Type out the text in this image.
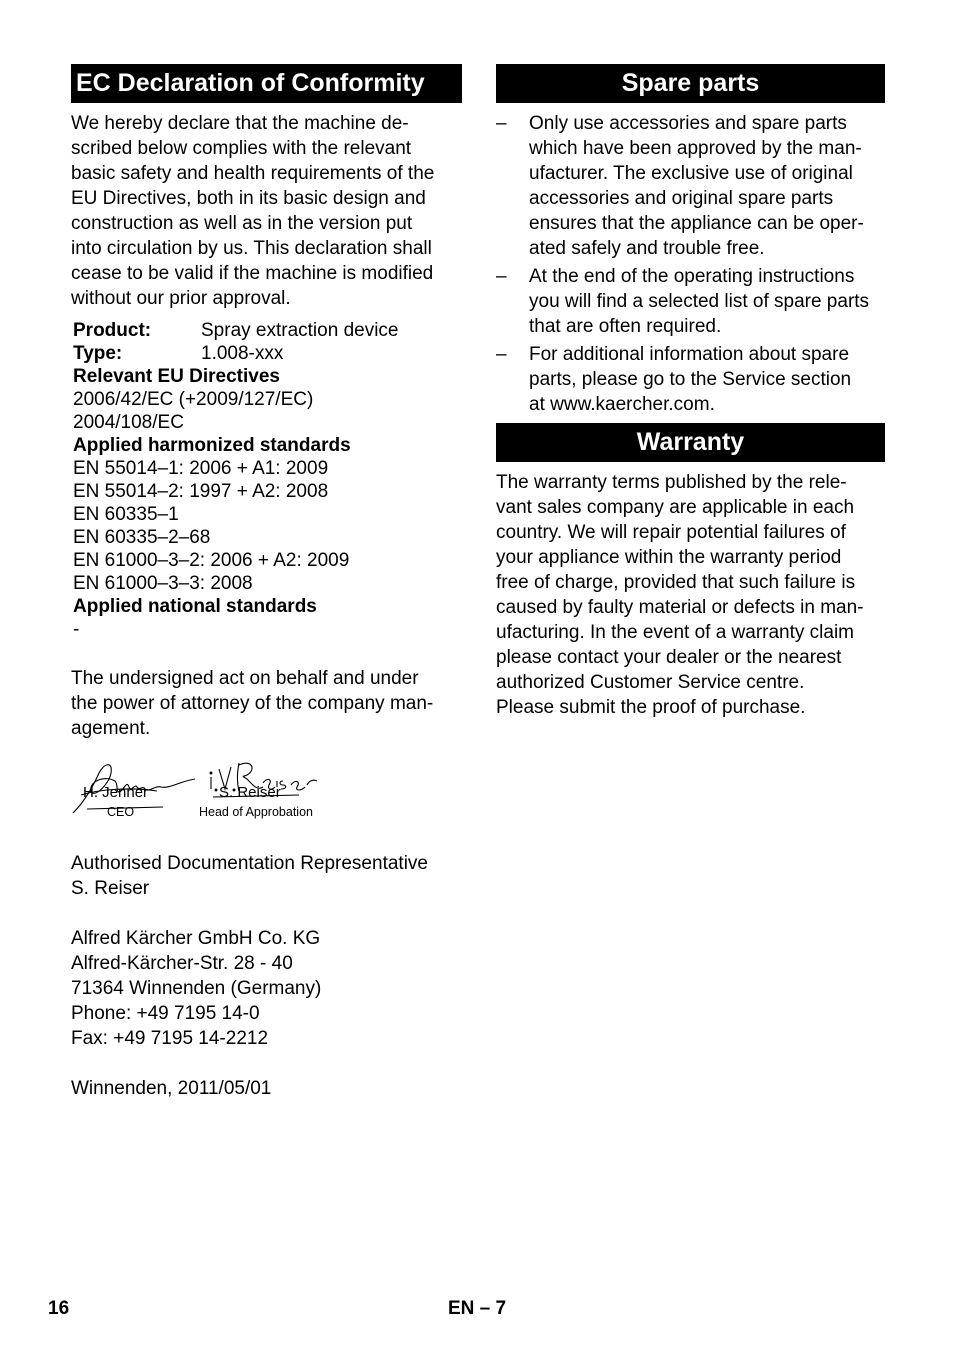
EC Declaration of Conformity
We hereby declare that the machine de-
scribed below complies with the relevant
basic safety and health requirements of the
EU Directives, both in its basic design and
construction as well as in the version put
into circulation by us. This declaration shall
cease to be valid if the machine is modified
without our prior approval.
Product:	Spray extraction device
Type:	1.008-xxx
Relevant EU Directives
2006/42/EC (+2009/127/EC)
2004/108/EC
Applied harmonized standards
EN 55014–1: 2006 + A1: 2009
EN 55014–2: 1997 + A2: 2008
EN 60335–1
EN 60335–2–68
EN 61000–3–2: 2006 + A2: 2009
EN 61000–3–3: 2008
Applied national standards
-
The undersigned act on behalf and under
the power of attorney of the company man-
agement.
H. Jenner
CEO
S. Reiser
Head of Approbation
Authorised Documentation Representative
S. Reiser
Alfred Kärcher GmbH Co. KG
Alfred-Kärcher-Str. 28 - 40
71364 Winnenden (Germany)
Phone: +49 7195 14-0
Fax: +49 7195 14-2212
Winnenden, 2011/05/01
Spare parts
–	Only use accessories and spare parts
which have been approved by the man-
ufacturer. The exclusive use of original
accessories and original spare parts
ensures that the appliance can be oper-
ated safely and trouble free.
–	At the end of the operating instructions
you will find a selected list of spare parts
that are often required.
–	For additional information about spare
parts, please go to the Service section
at www.kaercher.com.
Warranty
The warranty terms published by the rele-
vant sales company are applicable in each
country. We will repair potential failures of
your appliance within the warranty period
free of charge, provided that such failure is
caused by faulty material or defects in man-
ufacturing. In the event of a warranty claim
please contact your dealer or the nearest
authorized Customer Service centre.
Please submit the proof of purchase.
16	EN – 7
